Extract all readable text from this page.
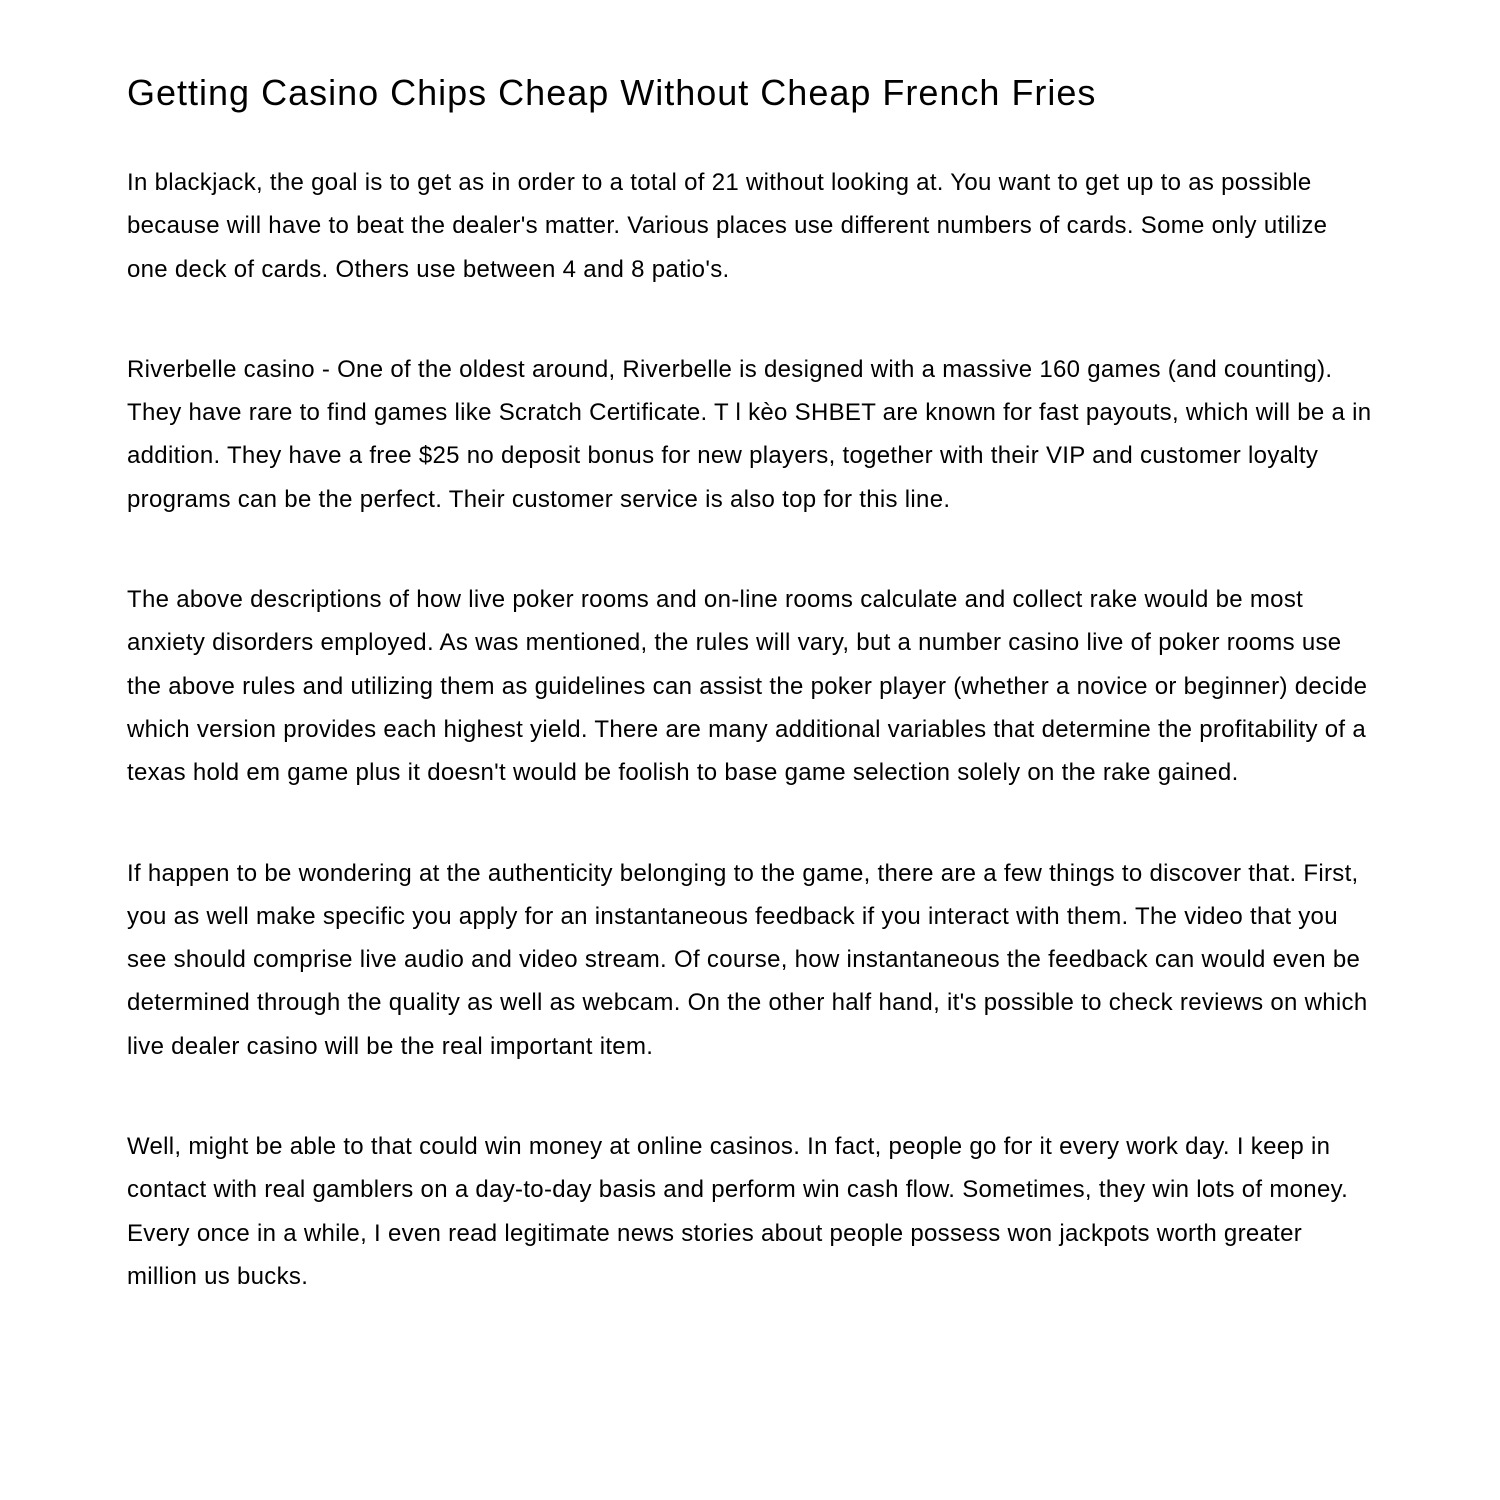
Getting Casino Chips Cheap Without Cheap French Fries

In blackjack, the goal is to get as in order to a total of 21 without looking at. You want to get up to as possible because will have to beat the dealer's matter. Various places use different numbers of cards. Some only utilize one deck of cards. Others use between 4 and 8 patio's.

Riverbelle casino - One of the oldest around, Riverbelle is designed with a massive 160 games (and counting). They have rare to find games like Scratch Certificate. T l kèo SHBET are known for fast payouts, which will be a in addition. They have a free $25 no deposit bonus for new players, together with their VIP and customer loyalty programs can be the perfect. Their customer service is also top for this line.

The above descriptions of how live poker rooms and on-line rooms calculate and collect rake would be most anxiety disorders employed. As was mentioned, the rules will vary, but a number casino live of poker rooms use the above rules and utilizing them as guidelines can assist the poker player (whether a novice or beginner) decide which version provides each highest yield. There are many additional variables that determine the profitability of a texas hold em game plus it doesn't would be foolish to base game selection solely on the rake gained.

If happen to be wondering at the authenticity belonging to the game, there are a few things to discover that. First, you as well make specific you apply for an instantaneous feedback if you interact with them. The video that you see should comprise live audio and video stream. Of course, how instantaneous the feedback can would even be determined through the quality as well as webcam. On the other half hand, it's possible to check reviews on which live dealer casino will be the real important item.

Well, might be able to that could win money at online casinos. In fact, people go for it every work day. I keep in contact with real gamblers on a day-to-day basis and perform win cash flow. Sometimes, they win lots of money. Every once in a while, I even read legitimate news stories about people possess won jackpots worth greater million us bucks.
